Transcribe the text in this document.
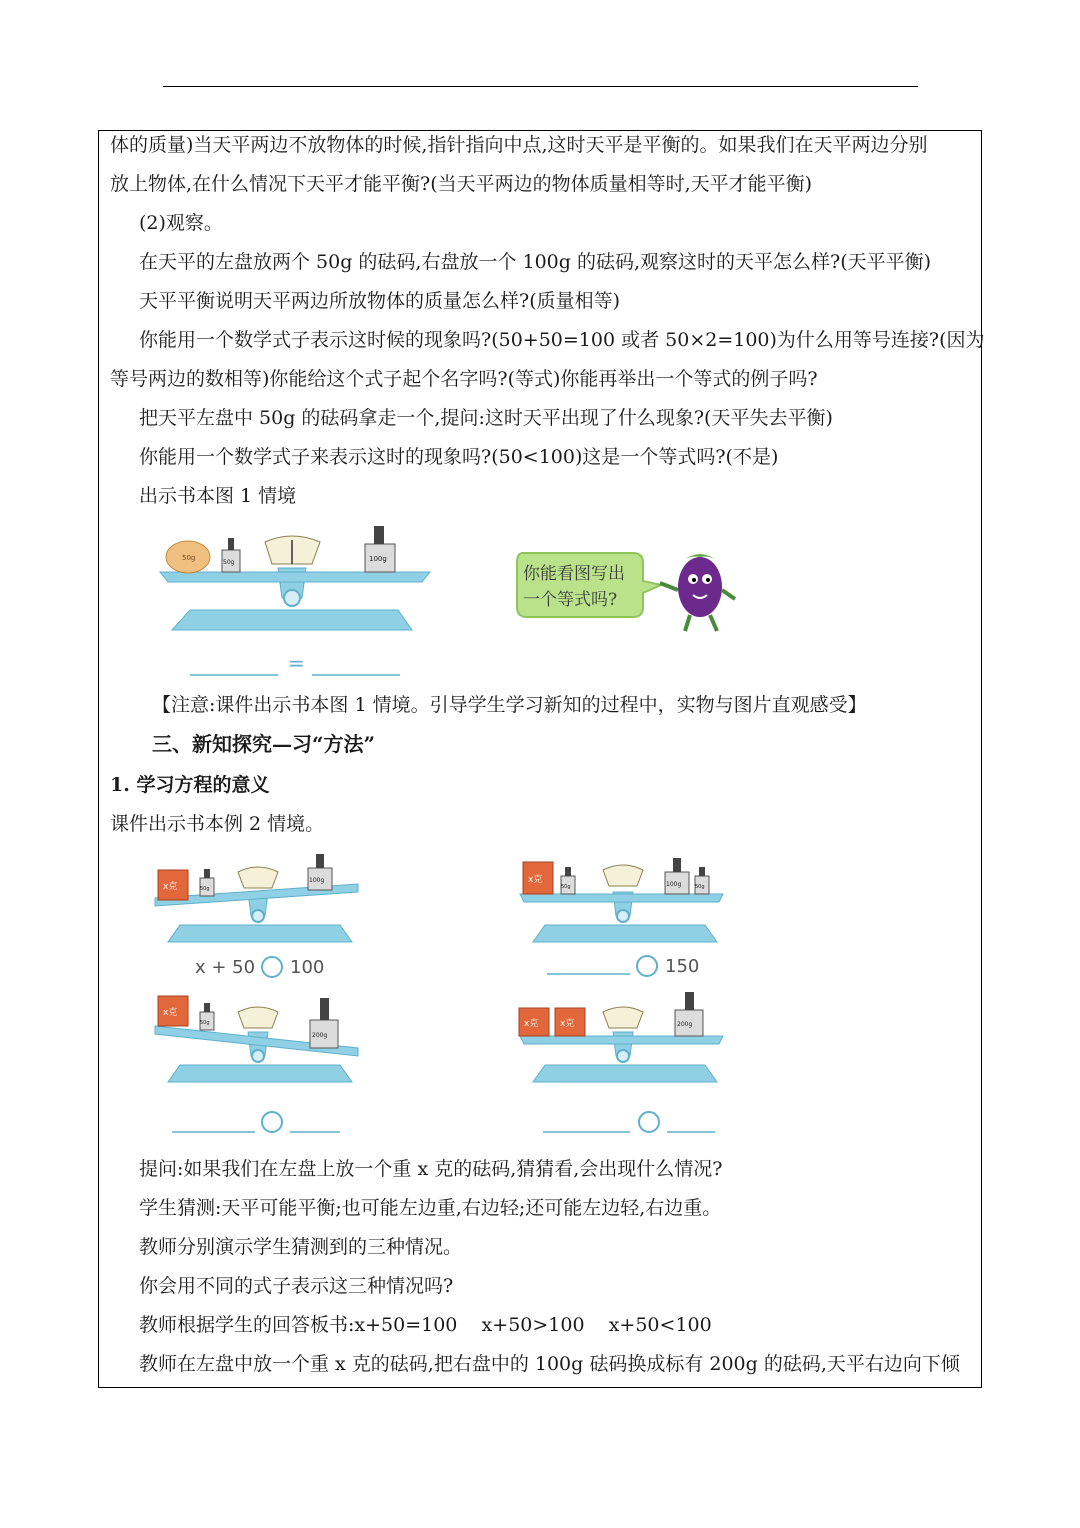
体的质量)当天平两边不放物体的时候,指针指向中点,这时天平是平衡的。如果我们在天平两边分别
放上物体,在什么情况下天平才能平衡?(当天平两边的物体质量相等时,天平才能平衡)
(2)观察。
在天平的左盘放两个 50g 的砝码,右盘放一个 100g 的砝码,观察这时的天平怎么样?(天平平衡)
天平平衡说明天平两边所放物体的质量怎么样?(质量相等)
你能用一个数学式子表示这时候的现象吗?(50+50=100 或者 50×2=100)为什么用等号连接?(因为
等号两边的数相等)你能给这个式子起个名字吗?(等式)你能再举出一个等式的例子吗?
把天平左盘中 50g 的砝码拿走一个,提问:这时天平出现了什么现象?(天平失去平衡)
你能用一个数学式子来表示这时的现象吗?(50<100)这是一个等式吗?(不是)
出示书本图 1 情境
50g
50g	100g
=
你能看图写出
一个等式吗?
【注意:课件出示书本图 1 情境。引导学生学习新知的过程中，实物与图片直观感受】
三、新知探究—习“方法”
1. 学习方程的意义
课件出示书本例 2 情境。
x克	50g
100g
x + 50 100
x克
50g	100g	50g
150
x克
50g
200g
x克 x克	200g
提问:如果我们在左盘上放一个重 x 克的砝码,猜猜看,会出现什么情况?
学生猜测:天平可能平衡;也可能左边重,右边轻;还可能左边轻,右边重。
教师分别演示学生猜测到的三种情况。
你会用不同的式子表示这三种情况吗?
教师根据学生的回答板书:x+50=100    x+50>100    x+50<100
教师在左盘中放一个重 x 克的砝码,把右盘中的 100g 砝码换成标有 200g 的砝码,天平右边向下倾
